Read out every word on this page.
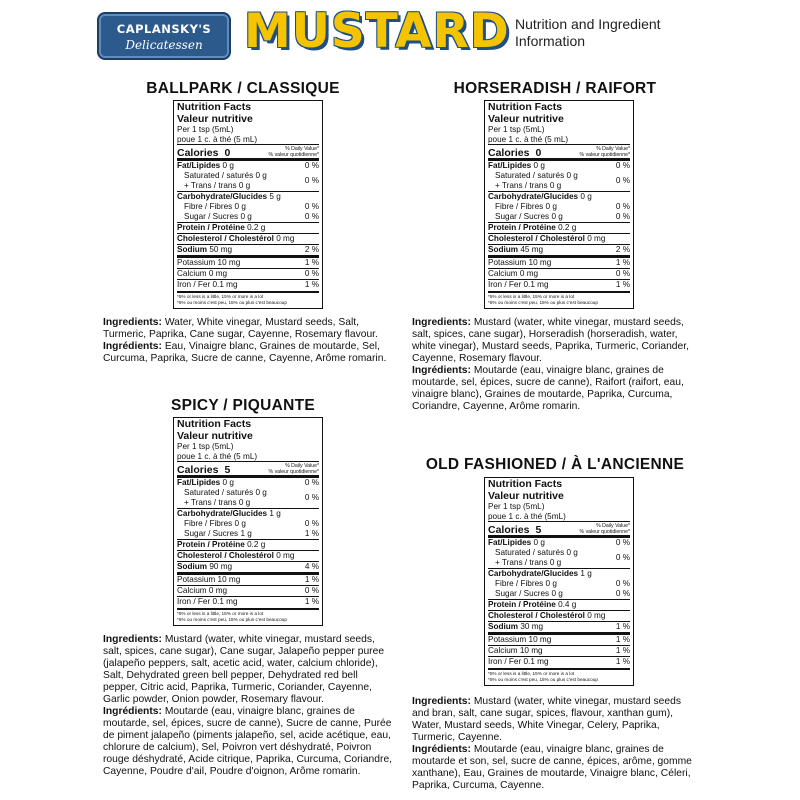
CAPLANSKY'S
Delicatessen MUSTARD Nutrition and Ingredient
Information
BALLPARK / CLASSIQUE	HORSERADISH / RAIFORT
SPICY / PIQUANTE
OLD FASHIONED / À L'ANCIENNE
Nutrition Facts
Valeur nutritive
Per 1 tsp (5mL)
poue 1 c. à thé (5 mL)
Calories 0	% Daily Value*
% valeur quotidienne*
Fat/Lipides 0 g	0 %
Saturated / saturés 0 g
+ Trans / trans 0 g
0 %
Carbohydrate/Glucides 5 g
Fibre / Fibres 0 g	0 %
Sugar / Sucres 0 g	0 %
Protein / Protéine 0.2 g
Cholesterol / Cholestérol 0 mg
Sodium 50 mg	2 %
Potassium 10 mg	1 %
Calcium 0 mg	0 %
Iron / Fer 0.1 mg	1 %
*5% or less is a little, 15% or more is a lot
*5% ou moins c'est peu, 15% ou plus c'est beaucoup
Nutrition Facts
Valeur nutritive
Per 1 tsp (5mL)
poue 1 c. à thé (5 mL)
Calories 0	% Daily Value*
% valeur quotidienne*
Fat/Lipides 0 g	0 %
Saturated / saturés 0 g
+ Trans / trans 0 g
0 %
Carbohydrate/Glucides 0 g
Fibre / Fibres 0 g	0 %
Sugar / Sucres 0 g	0 %
Protein / Protéine 0.2 g
Cholesterol / Cholestérol 0 mg
Sodium 45 mg	2 %
Potassium 10 mg	1 %
Calcium 0 mg	0 %
Iron / Fer 0.1 mg	1 %
*5% or less is a little, 15% or more is a lot
*5% ou moins c'est peu, 15% ou plus c'est beaucoup
Nutrition Facts
Valeur nutritive
Per 1 tsp (5mL)
poue 1 c. à thé (5 mL)
Calories 5	% Daily Value*
% valeur quotidienne*
Fat/Lipides 0 g	0 %
Saturated / saturés 0 g
+ Trans / trans 0 g
0 %
Carbohydrate/Glucides 1 g
Fibre / Fibres 0 g	0 %
Sugar / Sucres 1 g	1 %
Protein / Protéine 0.2 g
Cholesterol / Cholestérol 0 mg
Sodium 90 mg	4 %
Potassium 10 mg	1 %
Calcium 0 mg	0 %
Iron / Fer 0.1 mg	1 %
*5% or less is a little, 15% or more is a lot
*5% ou moins c'est peu, 15% ou plus c'est beaucoup
Nutrition Facts
Valeur nutritive
Per 1 tsp (5mL)
poue 1 c. à thé (5mL)
Calories 5	% Daily Value*
% valeur quotidienne*
Fat/Lipides 0 g	0 %
Saturated / saturés 0 g
+ Trans / trans 0 g
0 %
Carbohydrate/Glucides 1 g
Fibre / Fibres 0 g	0 %
Sugar / Sucres 0 g	0 %
Protein / Protéine 0.4 g
Cholesterol / Cholestérol 0 mg
Sodium 30 mg	1 %
Potassium 10 mg	1 %
Calcium 10 mg	1 %
Iron / Fer 0.1 mg	1 %
*5% or less is a little, 15% or more is a lot
*5% ou moins c'est peu, 15% ou plus c'est beaucoup

Ingredients: Water, White vinegar, Mustard seeds, Salt, Turmeric, Paprika, Cane sugar, Cayenne, Rosemary flavour.

Ingrédients: Eau, Vinaigre blanc, Graines de moutarde, Sel, Curcuma, Paprika, Sucre de canne, Cayenne, Arôme romarin.

Ingredients: Mustard (water, white vinegar, mustard seeds, salt, spices, cane sugar), Horseradish (horseradish, water, white vinegar), Mustard seeds, Paprika, Turmeric, Coriander, Cayenne, Rosemary flavour.

Ingrédients: Moutarde (eau, vinaigre blanc, graines de moutarde, sel, épices, sucre de canne), Raifort (raifort, eau, vinaigre blanc), Graines de moutarde, Paprika, Curcuma, Coriandre, Cayenne, Arôme romarin.

Ingredients: Mustard (water, white vinegar, mustard seeds, salt, spices, cane sugar), Cane sugar, Jalapeño pepper puree (jalapeño peppers, salt, acetic acid, water, calcium chloride), Salt, Dehydrated green bell pepper, Dehydrated red bell pepper, Citric acid, Paprika, Turmeric, Coriander, Cayenne, Garlic powder, Onion powder, Rosemary flavour.

Ingrédients: Moutarde (eau, vinaigre blanc, graines de moutarde, sel, épices, sucre de canne), Sucre de canne, Purée de piment jalapeño (piments jalapeño, sel, acide acétique, eau, chlorure de calcium), Sel, Poivron vert déshydraté, Poivron rouge déshydraté, Acide citrique, Paprika, Curcuma, Coriandre, Cayenne, Poudre d'ail, Poudre d'oignon, Arôme romarin.

Ingredients: Mustard (water, white vinegar, mustard seeds and bran, salt, cane sugar, spices, flavour, xanthan gum), Water, Mustard seeds, White Vinegar, Celery, Paprika, Turmeric, Cayenne.

Ingrédients: Moutarde (eau, vinaigre blanc, graines de moutarde et son, sel, sucre de canne, épices, arôme, gomme xanthane), Eau, Graines de moutarde, Vinaigre blanc, Céleri, Paprika, Curcuma, Cayenne.
